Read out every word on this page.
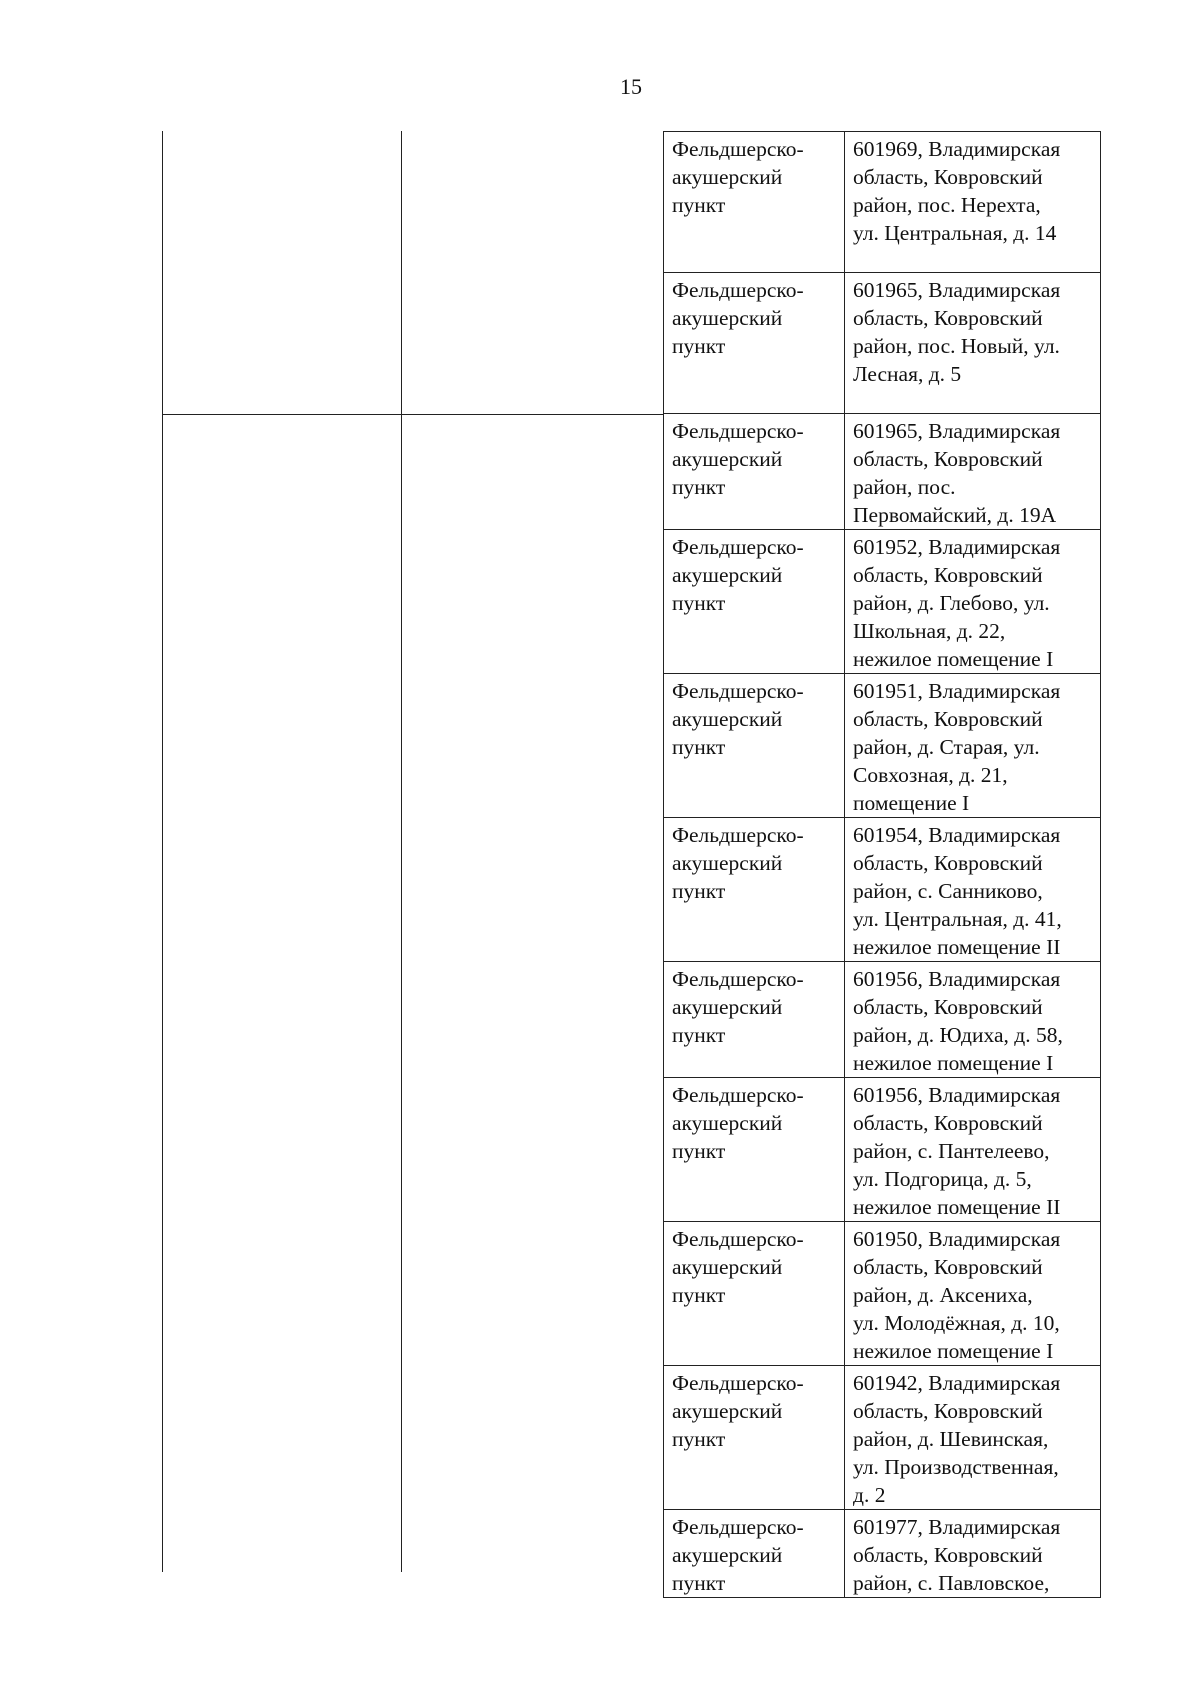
15
Фельдшерско-
акушерский
пункт	601969, Владимирская
область, Ковровский
район, пос. Нерехта,
ул. Центральная, д. 14

Фельдшерско-
акушерский
пункт	601965, Владимирская
область, Ковровский
район, пос. Новый, ул.
Лесная, д. 5

Фельдшерско-
акушерский
пункт	601965, Владимирская
область, Ковровский
район, пос.
Первомайский, д. 19А

Фельдшерско-
акушерский
пункт	601952, Владимирская
область, Ковровский
район, д. Глебово, ул.
Школьная, д. 22,
нежилое помещение I

Фельдшерско-
акушерский
пункт	601951, Владимирская
область, Ковровский
район, д. Старая, ул.
Совхозная, д. 21,
помещение I

Фельдшерско-
акушерский
пункт	601954, Владимирская
область, Ковровский
район, с. Санниково,
ул. Центральная, д. 41,
нежилое помещение II

Фельдшерско-
акушерский
пункт	601956, Владимирская
область, Ковровский
район, д. Юдиха, д. 58,
нежилое помещение I

Фельдшерско-
акушерский
пункт	601956, Владимирская
область, Ковровский
район, с. Пантелеево,
ул. Подгорица, д. 5,
нежилое помещение II

Фельдшерско-
акушерский
пункт	601950, Владимирская
область, Ковровский
район, д. Аксениха,
ул. Молодёжная, д. 10,
нежилое помещение I

Фельдшерско-
акушерский
пункт	601942, Владимирская
область, Ковровский
район, д. Шевинская,
ул. Производственная,
д. 2

Фельдшерско-
акушерский
пункт	601977, Владимирская
область, Ковровский
район, с. Павловское,
